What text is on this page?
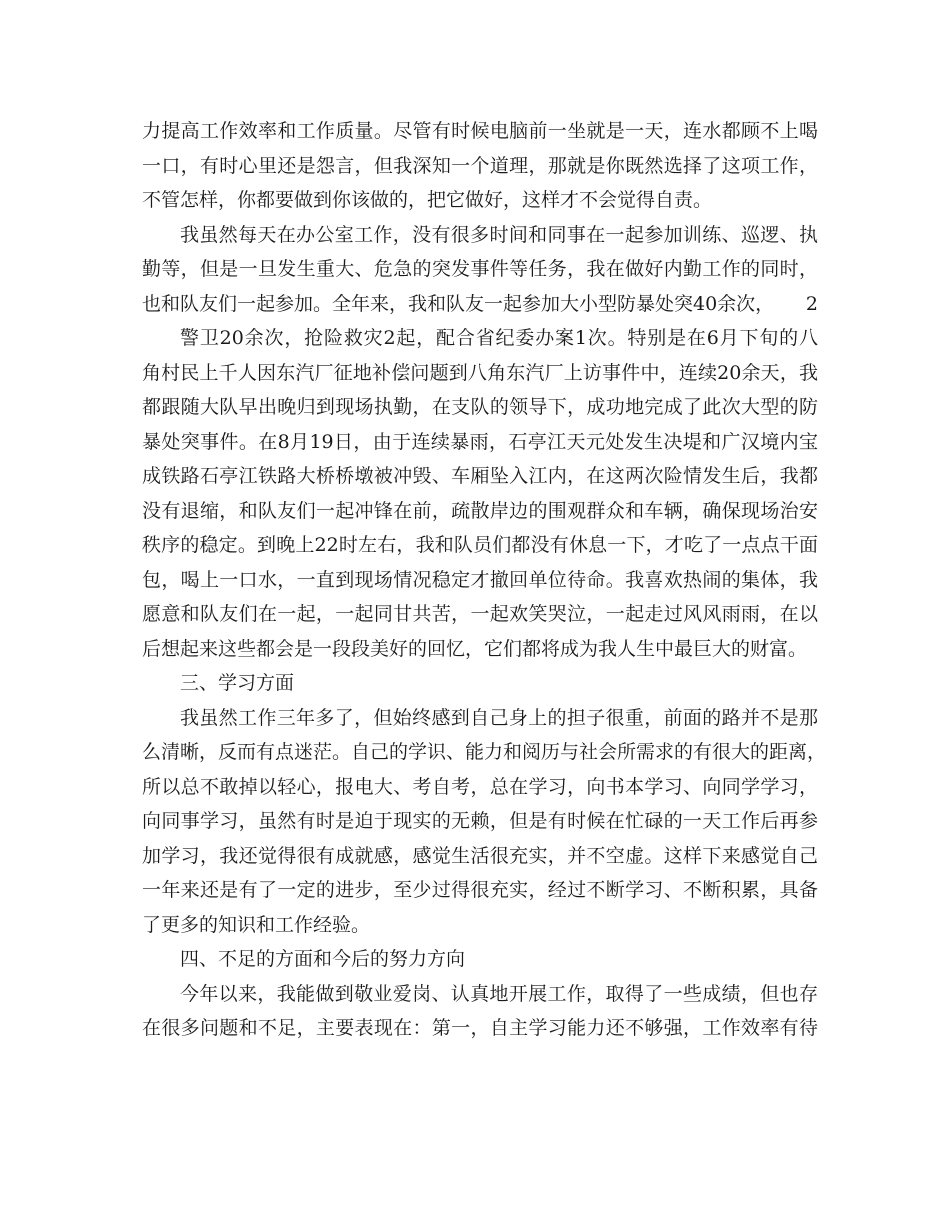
力提高工作效率和工作质量。尽管有时候电脑前一坐就是一天，连水都顾不上喝
一口，有时心里还是怨言，但我深知一个道理，那就是你既然选择了这项工作，
不管怎样，你都要做到你该做的，把它做好，这样才不会觉得自责。
我虽然每天在办公室工作，没有很多时间和同事在一起参加训练、巡逻、执
勤等，但是一旦发生重大、危急的突发事件等任务，我在做好内勤工作的同时，
也和队友们一起参加。全年来，我和队友一起参加大小型防暴处突40余次， 2
警卫20余次，抢险救灾2起，配合省纪委办案1次。特别是在6月下旬的八
角村民上千人因东汽厂征地补偿问题到八角东汽厂上访事件中，连续20余天，我
都跟随大队早出晚归到现场执勤，在支队的领导下，成功地完成了此次大型的防
暴处突事件。在8月19日，由于连续暴雨，石亭江天元处发生决堤和广汉境内宝
成铁路石亭江铁路大桥桥墩被冲毁、车厢坠入江内，在这两次险情发生后，我都
没有退缩，和队友们一起冲锋在前，疏散岸边的围观群众和车辆，确保现场治安
秩序的稳定。到晚上22时左右，我和队员们都没有休息一下，才吃了一点点干面
包，喝上一口水，一直到现场情况稳定才撤回单位待命。我喜欢热闹的集体，我
愿意和队友们在一起，一起同甘共苦，一起欢笑哭泣，一起走过风风雨雨，在以
后想起来这些都会是一段段美好的回忆，它们都将成为我人生中最巨大的财富。
三、学习方面
我虽然工作三年多了，但始终感到自己身上的担子很重，前面的路并不是那
么清晰，反而有点迷茫。自己的学识、能力和阅历与社会所需求的有很大的距离，
所以总不敢掉以轻心，报电大、考自考，总在学习，向书本学习、向同学学习，
向同事学习，虽然有时是迫于现实的无赖，但是有时候在忙碌的一天工作后再参
加学习，我还觉得很有成就感，感觉生活很充实，并不空虚。这样下来感觉自己
一年来还是有了一定的进步，至少过得很充实，经过不断学习、不断积累，具备
了更多的知识和工作经验。
四、不足的方面和今后的努力方向
今年以来，我能做到敬业爱岗、认真地开展工作，取得了一些成绩，但也存
在很多问题和不足，主要表现在：第一，自主学习能力还不够强，工作效率有待
